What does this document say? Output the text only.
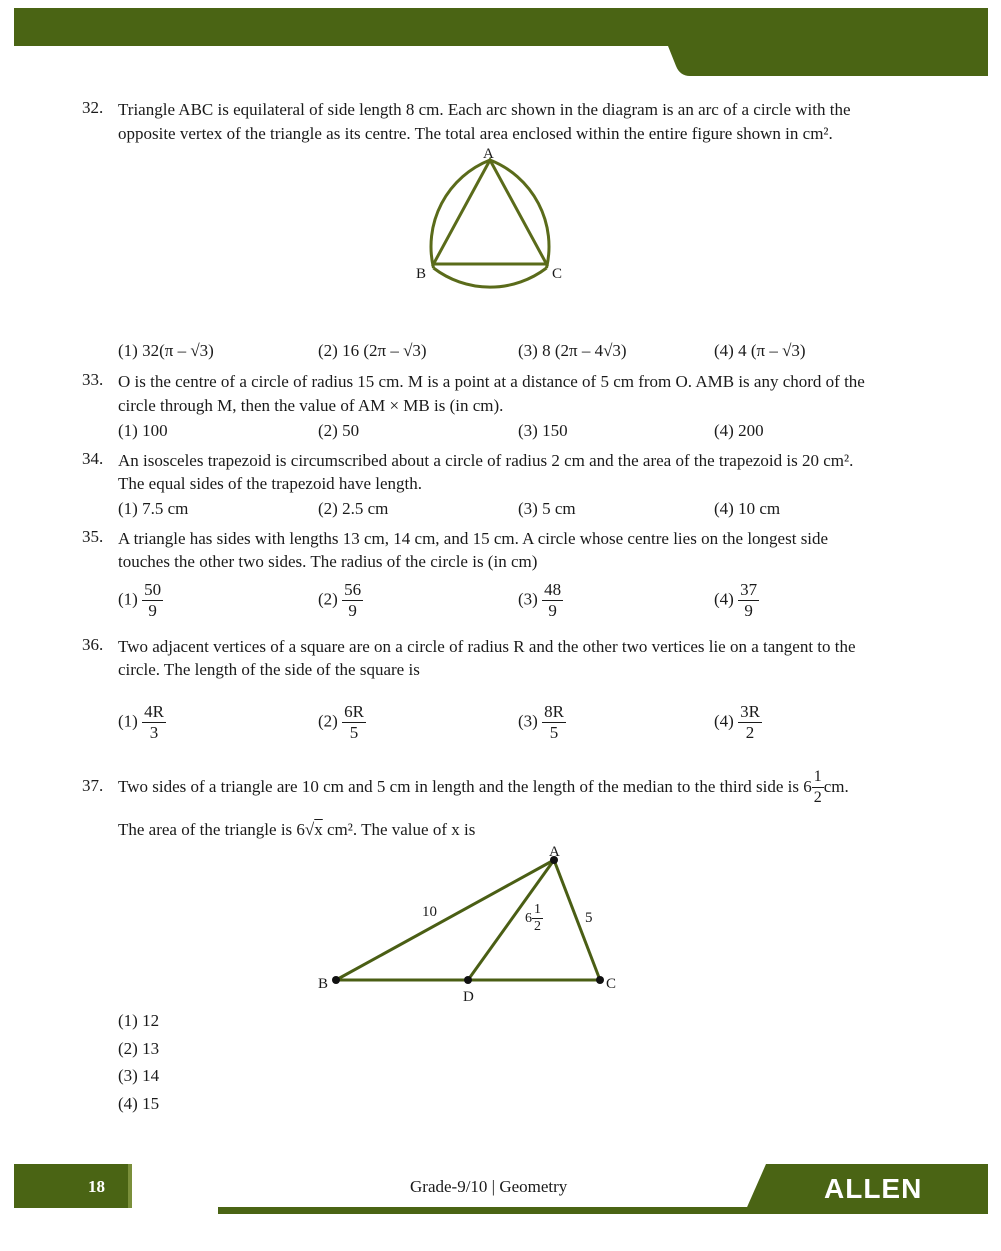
32. Triangle ABC is equilateral of side length 8 cm. Each arc shown in the diagram is an arc of a circle with the
opposite vertex of the triangle as its centre. The total area enclosed within the entire figure shown in cm².
A
B	C
(1) 32(π – √3)	(2) 16 (2π – √3)	(3) 8 (2π – 4√3)	(4) 4 (π – √3)
33. O is the centre of a circle of radius 15 cm. M is a point at a distance of 5 cm from O. AMB is any chord of the
circle through M, then the value of AM × MB is (in cm).
(1) 100	(2) 50	(3) 150	(4) 200
34. An isosceles trapezoid is circumscribed about a circle of radius 2 cm and the area of the trapezoid is 20 cm².
The equal sides of the trapezoid have length.
(1) 7.5 cm	(2) 2.5 cm	(3) 5 cm	(4) 10 cm
35. A triangle has sides with lengths 13 cm, 14 cm, and 15 cm. A circle whose centre lies on the longest side
touches the other two sides. The radius of the circle is (in cm)
$(1) \frac{50}{9}$	$(2) \frac{56}{9}$	$(3) \frac{48}{9}$	$(4) \frac{37}{9}$
36. Two adjacent vertices of a square are on a circle of radius R and the other two vertices lie on a tangent to the
circle. The length of the side of the square is
$(1) \frac{4R}{3}$	$(2) \frac{6R}{5}$	$(3) \frac{8R}{5}$	$(4) \frac{3R}{2}$
37. Two sides of a triangle are 10 cm and 5 cm in length and the length of the median to the third side is $6 \frac{1}{2}$ cm.
The area of the triangle is 6√x cm². The value of x is
A
B	C
D
10	5
$6 \frac{1}{2}$
(1) 12
(2) 13
(3) 14
(4) 15
18	Grade-9/10 | Geometry	ALLEN
